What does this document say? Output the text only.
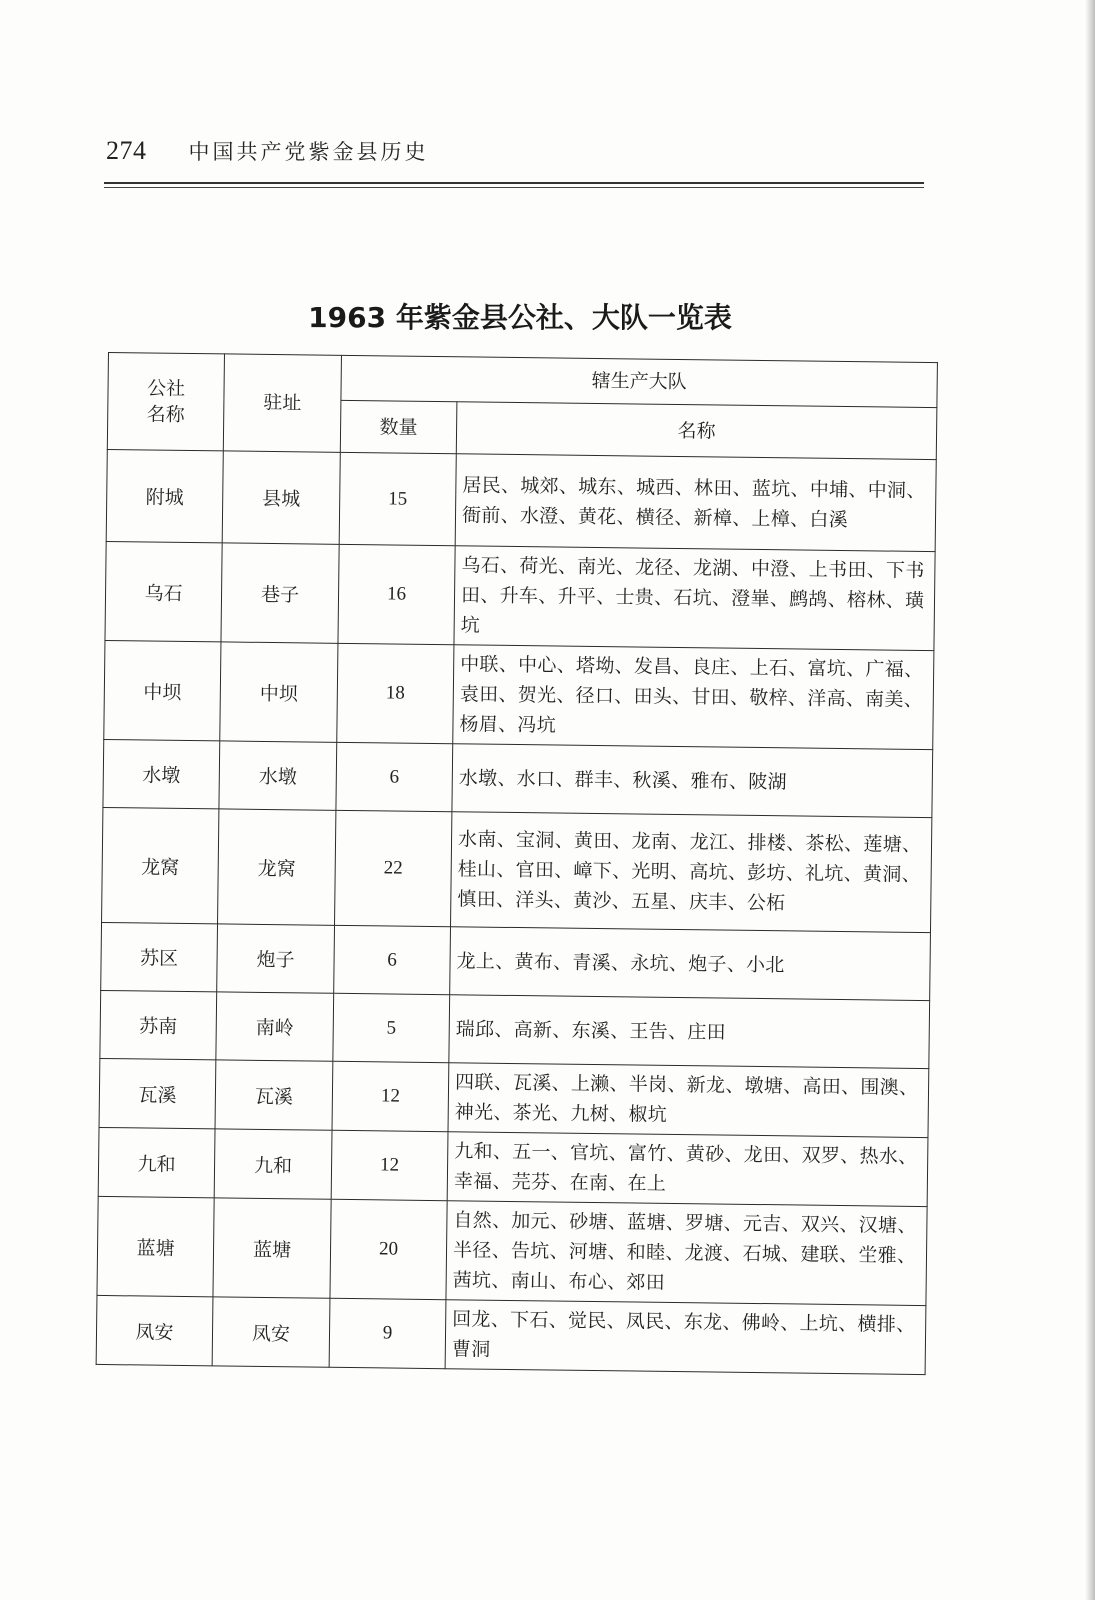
274 中国共产党紫金县历史
1963 年紫金县公社、大队一览表
公社
名称	驻址	辖生产大队	
		数量	名称
附城	县城	15	居民、城郊、城东、城西、林田、蓝坑、中埔、中洞、衙前、水澄、黄花、横径、新樟、上樟、白溪
乌石	巷子	16	乌石、荷光、南光、龙径、龙湖、中澄、上书田、下书田、升车、升平、士贵、石坑、澄崋、鹧鸪、榕林、璜坑
中坝	中坝	18	中联、中心、塔坳、发昌、良庄、上石、富坑、广福、袁田、贺光、径口、田头、甘田、敬梓、洋高、南美、杨眉、冯坑
水墩	水墩	6	水墩、水口、群丰、秋溪、雅布、陂湖
龙窝	龙窝	22	水南、宝洞、黄田、龙南、龙江、排楼、茶松、莲塘、桂山、官田、嶂下、光明、高坑、彭坊、礼坑、黄洞、慎田、洋头、黄沙、五星、庆丰、公柘
苏区	炮子	6	龙上、黄布、青溪、永坑、炮子、小北
苏南	南岭	5	瑞邱、高新、东溪、王告、庄田
瓦溪	瓦溪	12	四联、瓦溪、上濑、半岗、新龙、墩塘、高田、围澳、神光、茶光、九树、椒坑
九和	九和	12	九和、五一、官坑、富竹、黄砂、龙田、双罗、热水、幸福、芫芬、在南、在上
蓝塘	蓝塘	20	自然、加元、砂塘、蓝塘、罗塘、元吉、双兴、汉塘、半径、告坑、河塘、和睦、龙渡、石城、建联、坣雅、茜坑、南山、布心、郊田
凤安	凤安	9	回龙、下石、觉民、凤民、东龙、佛岭、上坑、横排、曹洞
